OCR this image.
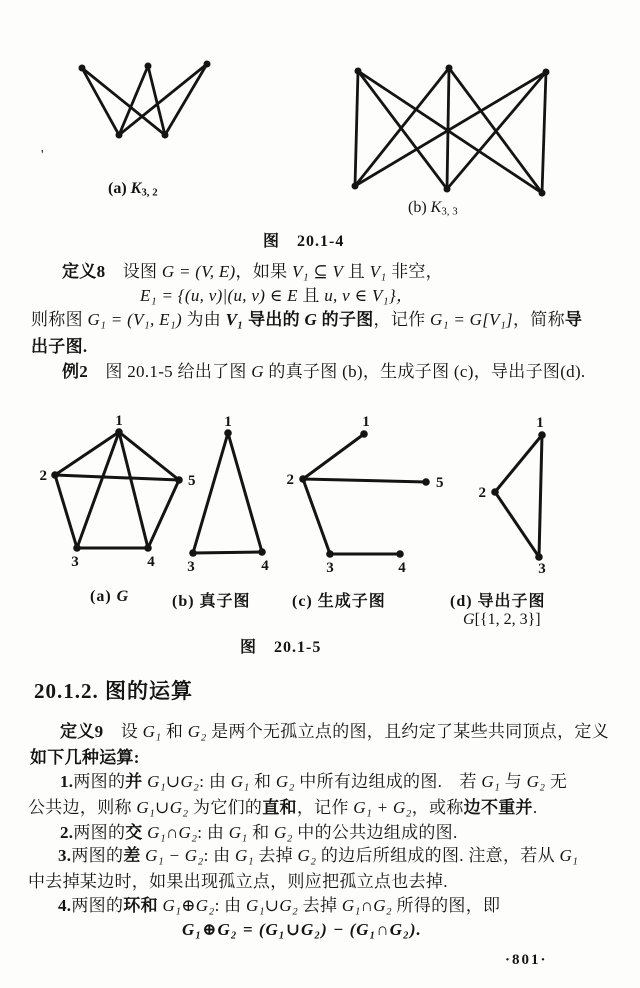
'
(a) $K_{3, 2}$
(b) $K_{3, 3}$
图　20.1-4
定义8　设图 G = (V, E)，如果 V₁ ⊆ V 且 V₁ 非空，
E₁ = {(u, v)|(u, v) ∈ E 且 u, v ∈ V₁}，
则称图 G₁ = (V₁, E₁) 为由 V₁ 导出的 G 的子图，记作 G₁ = G[V₁]，简称导
出子图.
例2　图 20.1-5 给出了图 G 的真子图 (b)，生成子图 (c)，导出子图(d).
1
2	5
3	4
1
3	4
1
2	5
3	4
1
2
3
(a) G	(b) 真子图	(c) 生成子图	(d) 导出子图
G[{1, 2, 3}]
图　20.1-5
20.1.2. 图的运算
定义9　设 G₁ 和 G₂ 是两个无孤立点的图，且约定了某些共同顶点，定义
如下几种运算:
1.两图的并 G₁∪G₂: 由 G₁ 和 G₂ 中所有边组成的图.　若 G₁ 与 G₂ 无
公共边，则称 G₁∪G₂ 为它们的直和，记作 G₁ + G₂，或称边不重并.
2.两图的交 G₁∩G₂: 由 G₁ 和 G₂ 中的公共边组成的图.
3.两图的差 G₁ − G₂: 由 G₁ 去掉 G₂ 的边后所组成的图. 注意，若从 G₁
中去掉某边时，如果出现孤立点，则应把孤立点也去掉.
4.两图的环和 G₁⊕G₂: 由 G₁∪G₂ 去掉 G₁∩G₂ 所得的图，即
G₁⊕G₂ = (G₁∪G₂) − (G₁∩G₂).
·801·
